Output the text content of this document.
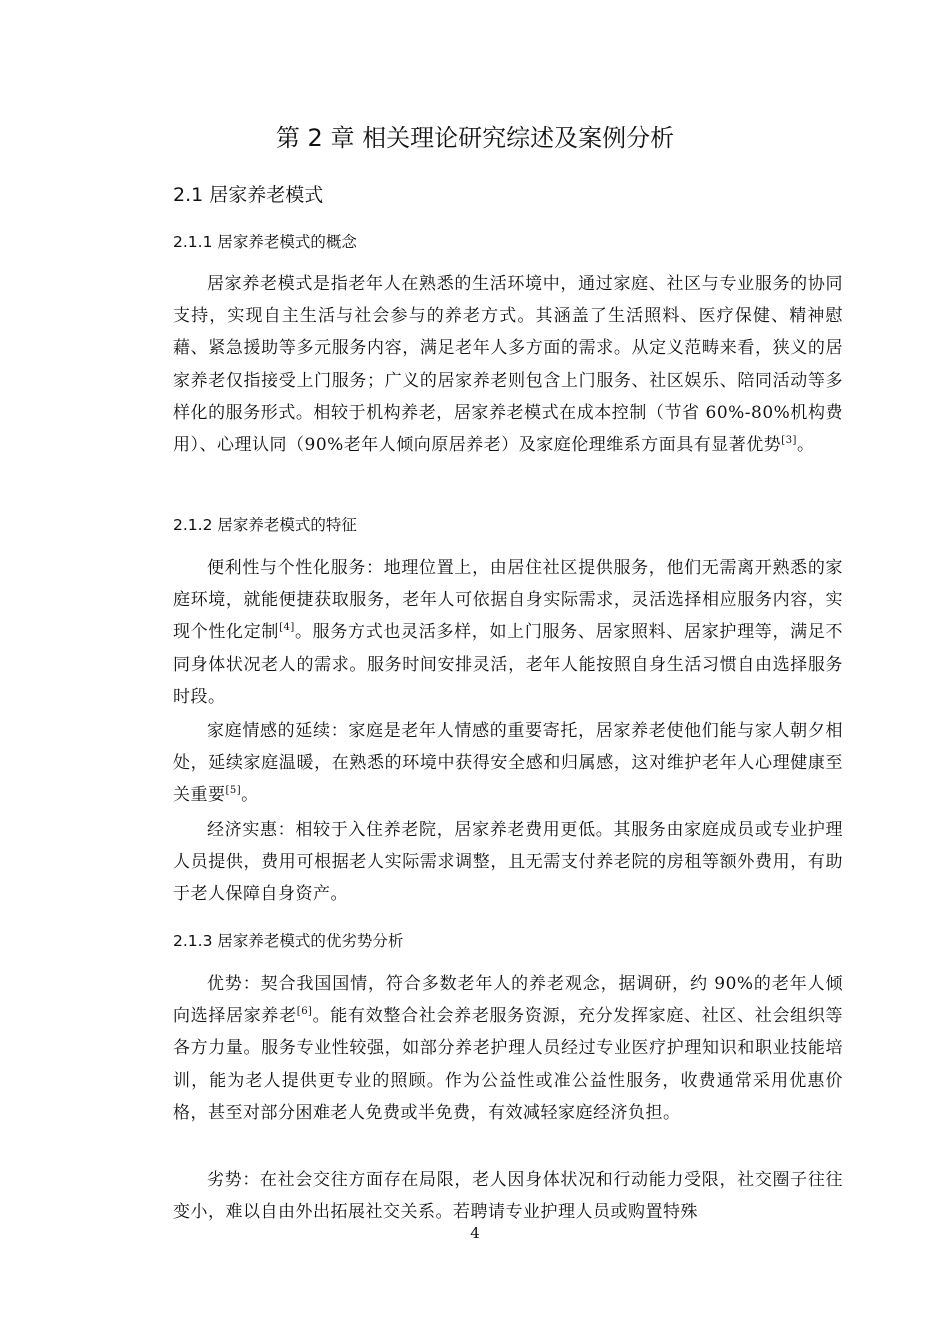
第 2 章 相关理论研究综述及案例分析
2.1 居家养老模式
2.1.1 居家养老模式的概念

居家养老模式是指老年人在熟悉的生活环境中，通过家庭、社区与专业服务的协同支持，实现自主生活与社会参与的养老方式。其涵盖了生活照料、医疗保健、精神慰藉、紧急援助等多元服务内容，满足老年人多方面的需求。从定义范畴来看，狭义的居家养老仅指接受上门服务；广义的居家养老则包含上门服务、社区娱乐、陪同活动等多样化的服务形式。相较于机构养老，居家养老模式在成本控制（节省 60%-80%机构费用）、心理认同（90%老年人倾向原居养老）及家庭伦理维系方面具有显著优势[3]。

2.1.2 居家养老模式的特征

便利性与个性化服务：地理位置上，由居住社区提供服务，他们无需离开熟悉的家庭环境，就能便捷获取服务，老年人可依据自身实际需求，灵活选择相应服务内容，实现个性化定制[4]。服务方式也灵活多样，如上门服务、居家照料、居家护理等，满足不同身体状况老人的需求。服务时间安排灵活，老年人能按照自身生活习惯自由选择服务时段。

家庭情感的延续：家庭是老年人情感的重要寄托，居家养老使他们能与家人朝夕相处，延续家庭温暖，在熟悉的环境中获得安全感和归属感，这对维护老年人心理健康至关重要[5]。

经济实惠：相较于入住养老院，居家养老费用更低。其服务由家庭成员或专业护理人员提供，费用可根据老人实际需求调整，且无需支付养老院的房租等额外费用，有助于老人保障自身资产。

2.1.3 居家养老模式的优劣势分析

优势：契合我国国情，符合多数老年人的养老观念，据调研，约 90%的老年人倾向选择居家养老[6]。能有效整合社会养老服务资源，充分发挥家庭、社区、社会组织等各方力量。服务专业性较强，如部分养老护理人员经过专业医疗护理知识和职业技能培训，能为老人提供更专业的照顾。作为公益性或准公益性服务，收费通常采用优惠价格，甚至对部分困难老人免费或半免费，有效减轻家庭经济负担。

劣势：在社会交往方面存在局限，老人因身体状况和行动能力受限，社交圈子往往变小，难以自由外出拓展社交关系。若聘请专业护理人员或购置特殊

4
